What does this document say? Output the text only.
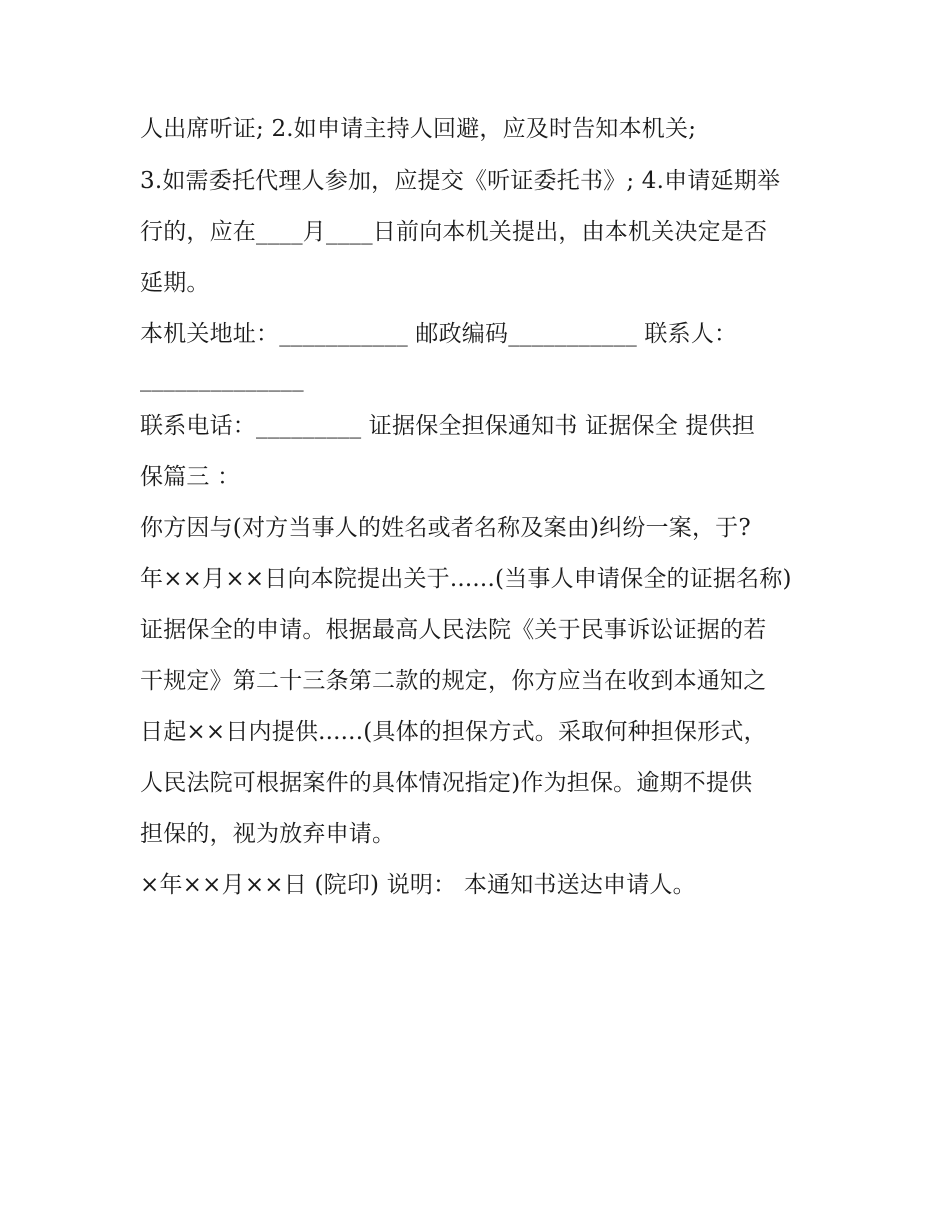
人出席听证; 2.如申请主持人回避，应及时告知本机关;
3.如需委托代理人参加，应提交《听证委托书》; 4.申请延期举
行的，应在____月____日前向本机关提出，由本机关决定是否
延期。
本机关地址：___________ 邮政编码___________ 联系人：
______________
联系电话：_________ 证据保全担保通知书 证据保全 提供担
保篇三 ：
你方因与(对方当事人的姓名或者名称及案由)纠纷一案，于?
年××月××日向本院提出关于......(当事人申请保全的证据名称)
证据保全的申请。根据最高人民法院《关于民事诉讼证据的若
干规定》第二十三条第二款的规定，你方应当在收到本通知之
日起××日内提供......(具体的担保方式。采取何种担保形式，
人民法院可根据案件的具体情况指定)作为担保。逾期不提供
担保的，视为放弃申请。
×年××月××日 (院印) 说明： 本通知书送达申请人。
